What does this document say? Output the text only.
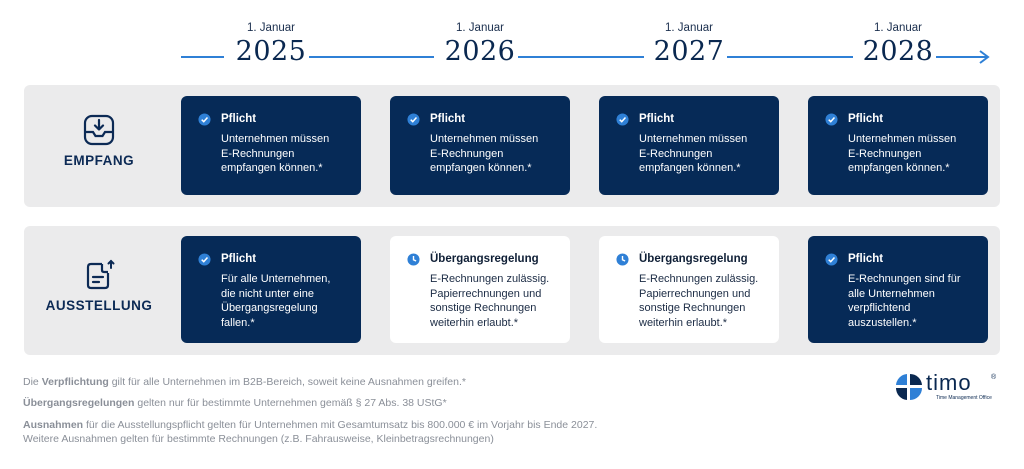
1. Januar
2025
1. Januar
2026
1. Januar
2027
1. Januar
2028
EMPFANG
Pflicht
Unternehmen müssen
E-Rechnungen
empfangen können.*
Pflicht
Unternehmen müssen
E-Rechnungen
empfangen können.*
Pflicht
Unternehmen müssen
E-Rechnungen
empfangen können.*
Pflicht
Unternehmen müssen
E-Rechnungen
empfangen können.*
AUSSTELLUNG
Pflicht
Für alle Unternehmen,
die nicht unter eine
Übergangsregelung
fallen.*
Übergangsregelung
E-Rechnungen zulässig.
Papierrechnungen und
sonstige Rechnungen
weiterhin erlaubt.*
Übergangsregelung
E-Rechnungen zulässig.
Papierrechnungen und
sonstige Rechnungen
weiterhin erlaubt.*
Pflicht
E-Rechnungen sind für
alle Unternehmen
verpflichtend
auszustellen.*
Die Verpflichtung gilt für alle Unternehmen im B2B-Bereich, soweit keine Ausnahmen greifen.*
Übergangsregelungen gelten nur für bestimmte Unternehmen gemäß § 27 Abs. 38 UStG*
Ausnahmen für die Ausstellungspflicht gelten für Unternehmen mit Gesamtumsatz bis 800.000 € im Vorjahr bis Ende 2027.
Weitere Ausnahmen gelten für bestimmte Rechnungen (z.B. Fahrausweise, Kleinbetragsrechnungen)
timo	®
Time Management Office
